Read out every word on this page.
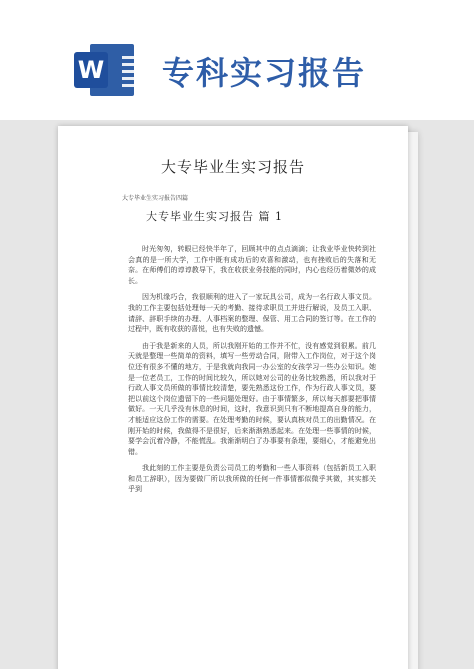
W 专科实习报告
大专毕业生实习报告
大专毕业生实习报告四篇
大专毕业生实习报告 篇 1

时光匆匆，转眼已经快半年了，回顾其中的点点滴滴；让我业毕业快转到社会真的是一所大学，工作中既有成功后的欢喜和激动，也有挫败后的失落和无奈。在师傅们的谆谆教导下，我在收获业务技能的同时，内心也经历着微妙的成长。

因为机缘巧合，我很顺利的进入了一家玩具公司，成为一名行政人事文员。我的工作主要包括处理每一天的考勤、接待求职员工并进行解说，及员工入职、请辞、辞职手续的办理、人事档案的整理、保管、用工合同的签订等。在工作的过程中，既有收获的喜悦，也有失败的遗憾。

由于我是新来的人员，所以我刚开始的工作并不忙，没有感觉到很累。前几天就是整理一些简单的资料，填写一些劳动合同，附带入工作岗位，对于这个岗位还有很多不懂的地方，于是我就向我同一办公室的女孩学习一些办公知识。她是一位老员工，工作的时间比较久，所以她对公司的业务比较熟悉，所以我对于行政人事文员所做的事情比较清楚，要先熟悉这份工作，作为行政人事文员，要把以前这个岗位遗留下的一些问题处理好。由于事情繁多，所以每天都要把事情做好。一天几乎没有休息的时间，这时，我意识到只有不断地提高自身的能力，才能适应这份工作的需要。在处理考勤的时候，要认真核对员工的出勤情况。在刚开始的时候，我做得不是很好，后来渐渐熟悉起来。在处理一些事情的时候，要学会沉着冷静，不能慌乱。我渐渐明白了办事要有条理，要细心，才能避免出错。

我此刻的工作主要是负责公司员工的考勤和一些人事资料（包括新员工入职和员工辞职），因为要做厂所以我所做的任何一件事情都似微乎其微，其实都关乎到
